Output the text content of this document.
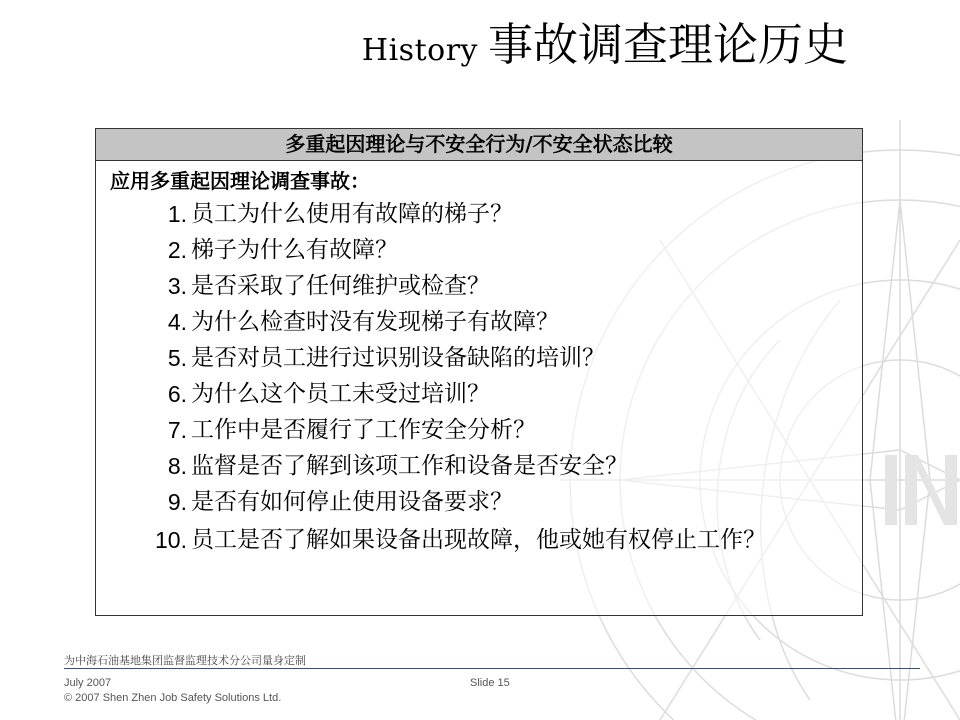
History 事故调查理论历史
多重起因理论与不安全行为/不安全状态比较
应用多重起因理论调查事故：
1. 员工为什么使用有故障的梯子？
2. 梯子为什么有故障？
3. 是否采取了任何维护或检查？
4. 为什么检查时没有发现梯子有故障？
5. 是否对员工进行过识别设备缺陷的培训？
6. 为什么这个员工未受过培训？
7. 工作中是否履行了工作安全分析？
8. 监督是否了解到该项工作和设备是否安全？
9. 是否有如何停止使用设备要求？
10. 员工是否了解如果设备出现故障，他或她有权停止工作？
为中海石油基地集团监督监理技术分公司量身定制
July 2007
© 2007 Shen Zhen Job Safety Solutions Ltd.
Slide 15
